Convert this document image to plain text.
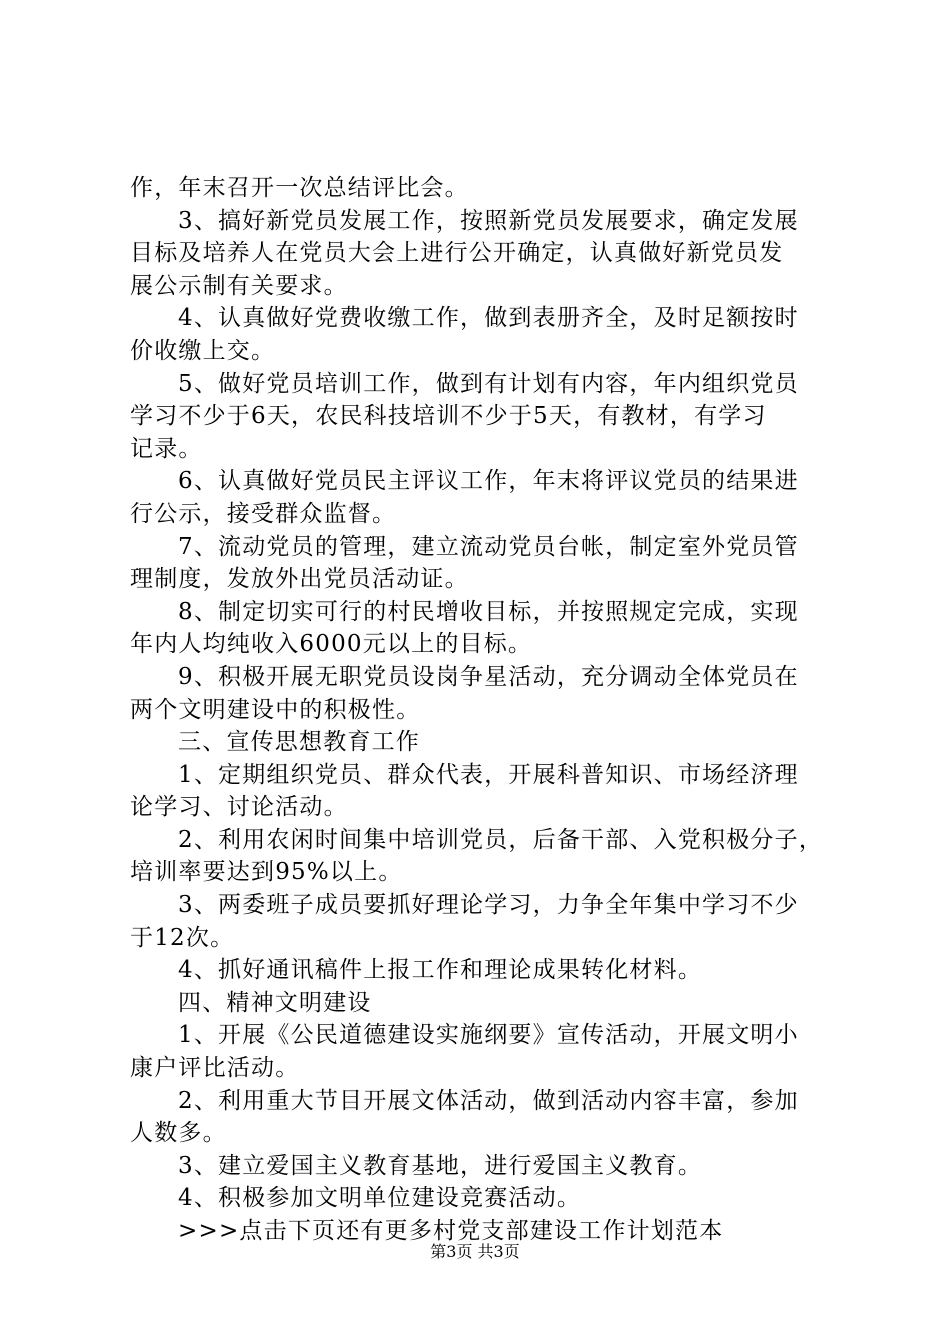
作，年末召开一次总结评比会。
3、搞好新党员发展工作，按照新党员发展要求，确定发展
目标及培养人在党员大会上进行公开确定，认真做好新党员发
展公示制有关要求。
4、认真做好党费收缴工作，做到表册齐全，及时足额按时
价收缴上交。
5、做好党员培训工作，做到有计划有内容，年内组织党员
学习不少于6天，农民科技培训不少于5天，有教材，有学习
记录。
6、认真做好党员民主评议工作，年末将评议党员的结果进
行公示，接受群众监督。
7、流动党员的管理，建立流动党员台帐，制定室外党员管
理制度，发放外出党员活动证。
8、制定切实可行的村民增收目标，并按照规定完成，实现
年内人均纯收入6000元以上的目标。
9、积极开展无职党员设岗争星活动，充分调动全体党员在
两个文明建设中的积极性。
三、宣传思想教育工作
1、定期组织党员、群众代表，开展科普知识、市场经济理
论学习、讨论活动。
2、利用农闲时间集中培训党员，后备干部、入党积极分子，
培训率要达到95%以上。
3、两委班子成员要抓好理论学习，力争全年集中学习不少
于12次。
4、抓好通讯稿件上报工作和理论成果转化材料。
四、精神文明建设
1、开展《公民道德建设实施纲要》宣传活动，开展文明小
康户评比活动。
2、利用重大节目开展文体活动，做到活动内容丰富，参加
人数多。
3、建立爱国主义教育基地，进行爱国主义教育。
4、积极参加文明单位建设竞赛活动。
>>>点击下页还有更多村党支部建设工作计划范本
第3页 共3页
